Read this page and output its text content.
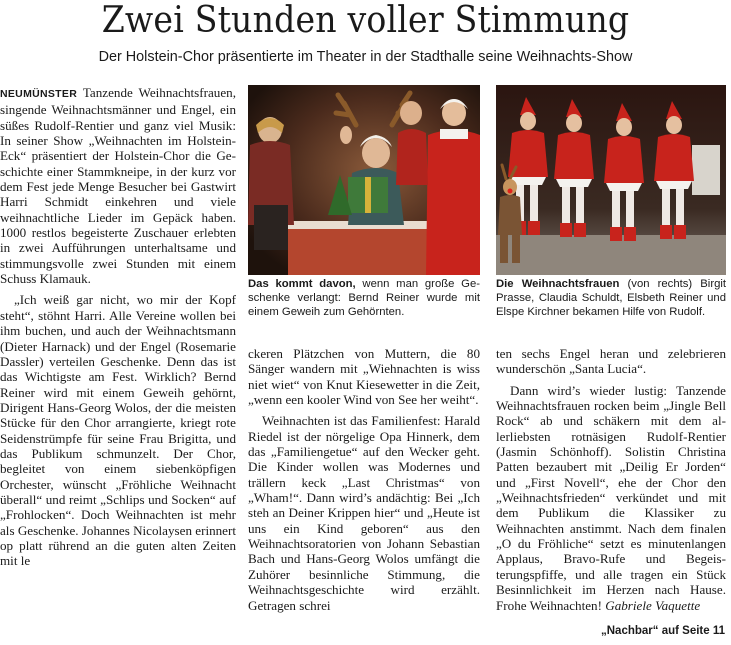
Zwei Stunden voller Stimmung

Der Holstein-Chor präsentierte im Theater in der Stadthalle seine Weihnachts-Show

NEUMÜNSTER Tanzende Weihnachtsfrauen, singende Weihnachtsmänner und Engel, ein süßes Rudolf-Rentier und ganz viel Musik: In seiner Show „Weihnachten im Holstein-Eck“ präsentiert der Holstein-Chor die Geschichte einer Stammkneipe, in der kurz vor dem Fest jede Menge Besucher bei Gastwirt Harri Schmidt einkehren und viele weihnachtliche Lieder im Gepäck haben. 1000 restlos begeisterte Zuschauer erlebten in zwei Aufführungen unterhaltsame und stimmungsvolle zwei Stunden mit einem Schuss Klamauk.

„Ich weiß gar nicht, wo mir der Kopf steht“, stöhnt Harri. Alle Vereine wollen bei ihm buchen, und auch der Weihnachtsmann (Dieter Harnack) und der Engel (Rosemarie Dassler) verteilen Geschenke. Denn das ist das Wichtigste am Fest. Wirklich? Bernd Reiner wird mit einem Geweih gehörnt, Dirigent Hans-Georg Wolos, der die meisten Stücke für den Chor arrangierte, kriegt rote Seidenstrümpfe für seine Frau Brigitta, und das Publikum schmunzelt. Der Chor, begleitet von einem siebenköpfigen Orchester, wünscht „Fröhliche Weihnacht überall“ und reimt „Schlips und Socken“ auf „Frohlocken“. Doch Weihnachten ist mehr als Geschenke. Johannes Nicolaysen erinnert op platt rührend an die guten alten Zeiten mit le

Das kommt davon, wenn man große Geschenke verlangt: Bernd Reiner wurde mit einem Geweih zum Gehörnten.

Die Weihnachtsfrauen (von rechts) Birgit Prasse, Claudia Schuldt, Elsbeth Reiner und Elspe Kirchner bekamen Hilfe von Rudolf.

ckeren Plätzchen von Muttern, die 80 Sänger wandern mit „Wiehnachten is wiss niet wiet“ von Knut Kiesewetter in die Zeit, „wenn een kooler Wind von See her weiht“.

Weihnachten ist das Familienfest: Harald Riedel ist der nörgelige Opa Hinnerk, dem das „Familiengetue“ auf den Wecker geht. Die Kinder wollen was Modernes und trällern keck „Last Christmas“ von „Wham!“. Dann wird’s andächtig: Bei „Ich steh an Deiner Krippen hier“ und „Heute ist uns ein Kind geboren“ aus den Weihnachtsoratorien von Johann Sebastian Bach und Hans-Georg Wolos umfängt die Zuhörer besinnliche Stimmung, die Weihnachtsgeschichte wird erzählt. Getragen schrei

ten sechs Engel heran und zelebrieren wunderschön „Santa Lucia“.

Dann wird’s wieder lustig: Tanzende Weihnachtsfrauen rocken beim „Jingle Bell Rock“ ab und schäkern mit dem allerliebsten rotnäsigen Rudolf-Rentier (Jasmin Schönhoff). Solistin Christina Patten bezaubert mit „Deilig Er Jorden“ und „First Novell“, ehe der Chor den „Weihnachtsfrieden“ verkündet und mit dem Publikum die Klassiker zu Weihnachten anstimmt. Nach dem finalen „O du Fröhliche“ setzt es minutenlangen Applaus, Bravo-Rufe und Begeisterungspfiffe, und alle tragen ein Stück Besinnlichkeit im Herzen nach Hause. Frohe Weihnachten! Gabriele Vaquette

„Nachbar“ auf Seite 11
